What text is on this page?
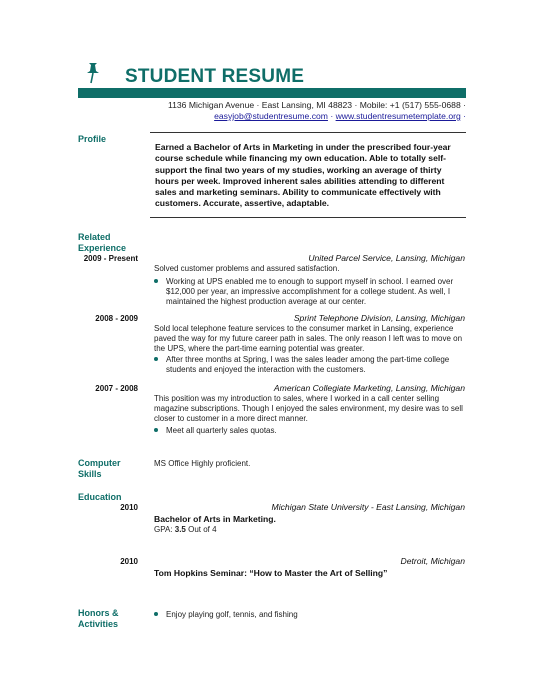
STUDENT RESUME
1136 Michigan Avenue · East Lansing, MI 48823 · Mobile: +1 (517) 555-0688 ·
easyjob@studentresume.com · www.studentresumetemplate.org ·
Profile
Earned a Bachelor of Arts in Marketing in under the prescribed four-year course schedule while financing my own education. Able to totally self-support the final two years of my studies, working an average of thirty hours per week. Improved inherent sales abilities attending to different sales and marketing seminars. Ability to communicate effectively with customers. Accurate, assertive, adaptable.
Related
Experience
2009 - Present	United Parcel Service, Lansing, Michigan
Solved customer problems and assured satisfaction.
Working at UPS enabled me to enough to support myself in school. I earned over $12,000 per year, an impressive accomplishment for a college student. As well, I maintained the highest production average at our center.
2008 - 2009	Sprint Telephone Division, Lansing, Michigan
Sold local telephone feature services to the consumer market in Lansing, experience paved the way for my future career path in sales. The only reason I left was to move on the UPS, where the part-time earning potential was greater.
After three months at Spring, I was the sales leader among the part-time college students and enjoyed the interaction with the customers.
2007 - 2008	American Collegiate Marketing, Lansing, Michigan
This position was my introduction to sales, where I worked in a call center selling magazine subscriptions. Though I enjoyed the sales environment, my desire was to sell closer to customer in a more direct manner.
Meet all quarterly sales quotas.
Computer
Skills
MS Office Highly proficient.
Education
2010	Michigan State University - East Lansing, Michigan
Bachelor of Arts in Marketing.
GPA: 3.5 Out of 4
2010	Detroit, Michigan
Tom Hopkins Seminar: “How to Master the Art of Selling”
Honors &
Activities
Enjoy playing golf, tennis, and fishing
